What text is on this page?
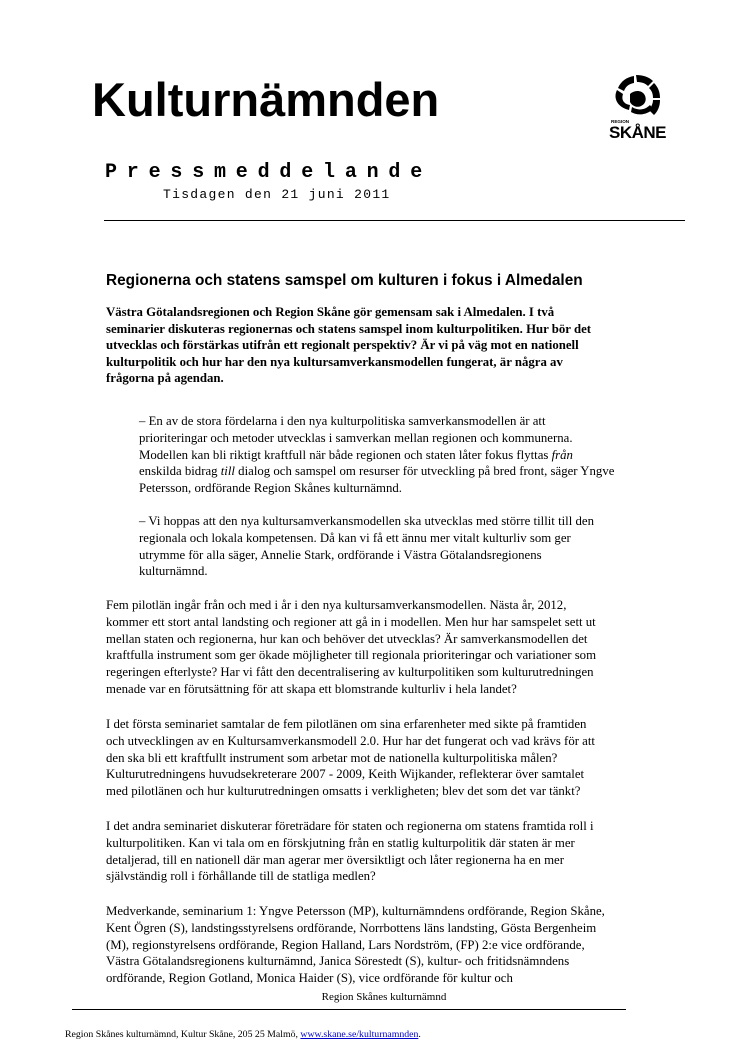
Kulturnämnden	REGION
SKÅNE
Pressmeddelande
Tisdagen den 21 juni 2011
Regionerna och statens samspel om kulturen i fokus i Almedalen
Västra Götalandsregionen och Region Skåne gör gemensam sak i Almedalen. I två
seminarier diskuteras regionernas och statens samspel inom kulturpolitiken. Hur bör det
utvecklas och förstärkas utifrån ett regionalt perspektiv? Är vi på väg mot en nationell
kulturpolitik och hur har den nya kultursamverkansmodellen fungerat, är några av
frågorna på agendan.
– En av de stora fördelarna i den nya kulturpolitiska samverkansmodellen är att
prioriteringar och metoder utvecklas i samverkan mellan regionen och kommunerna.
Modellen kan bli riktigt kraftfull när både regionen och staten låter fokus flyttas från
enskilda bidrag till dialog och samspel om resurser för utveckling på bred front, säger Yngve
Petersson, ordförande Region Skånes kulturnämnd.
– Vi hoppas att den nya kultursamverkansmodellen ska utvecklas med större tillit till den
regionala och lokala kompetensen. Då kan vi få ett ännu mer vitalt kulturliv som ger
utrymme för alla säger, Annelie Stark, ordförande i Västra Götalandsregionens
kulturnämnd.
Fem pilotlän ingår från och med i år i den nya kultursamverkansmodellen. Nästa år, 2012,
kommer ett stort antal landsting och regioner att gå in i modellen. Men hur har samspelet sett ut
mellan staten och regionerna, hur kan och behöver det utvecklas? Är samverkansmodellen det
kraftfulla instrument som ger ökade möjligheter till regionala prioriteringar och variationer som
regeringen efterlyste? Har vi fått den decentralisering av kulturpolitiken som kulturutredningen
menade var en förutsättning för att skapa ett blomstrande kulturliv i hela landet?
I det första seminariet samtalar de fem pilotlänen om sina erfarenheter med sikte på framtiden
och utvecklingen av en Kultursamverkansmodell 2.0. Hur har det fungerat och vad krävs för att
den ska bli ett kraftfullt instrument som arbetar mot de nationella kulturpolitiska målen?
Kulturutredningens huvudsekreterare 2007 - 2009, Keith Wijkander, reflekterar över samtalet
med pilotlänen och hur kulturutredningen omsatts i verkligheten; blev det som det var tänkt?
I det andra seminariet diskuterar företrädare för staten och regionerna om statens framtida roll i
kulturpolitiken. Kan vi tala om en förskjutning från en statlig kulturpolitik där staten är mer
detaljerad, till en nationell där man agerar mer översiktligt och låter regionerna ha en mer
självständig roll i förhållande till de statliga medlen?
Medverkande, seminarium 1: Yngve Petersson (MP), kulturnämndens ordförande, Region Skåne,
Kent Ögren (S), landstingsstyrelsens ordförande, Norrbottens läns landsting, Gösta Bergenheim
(M), regionstyrelsens ordförande, Region Halland, Lars Nordström, (FP) 2:e vice ordförande,
Västra Götalandsregionens kulturnämnd, Janica Sörestedt (S), kultur- och fritidsnämndens
ordförande, Region Gotland, Monica Haider (S), vice ordförande för kultur och
Region Skånes kulturnämnd
Region Skånes kulturnämnd, Kultur Skåne, 205 25 Malmö, www.skane.se/kulturnamnden.
